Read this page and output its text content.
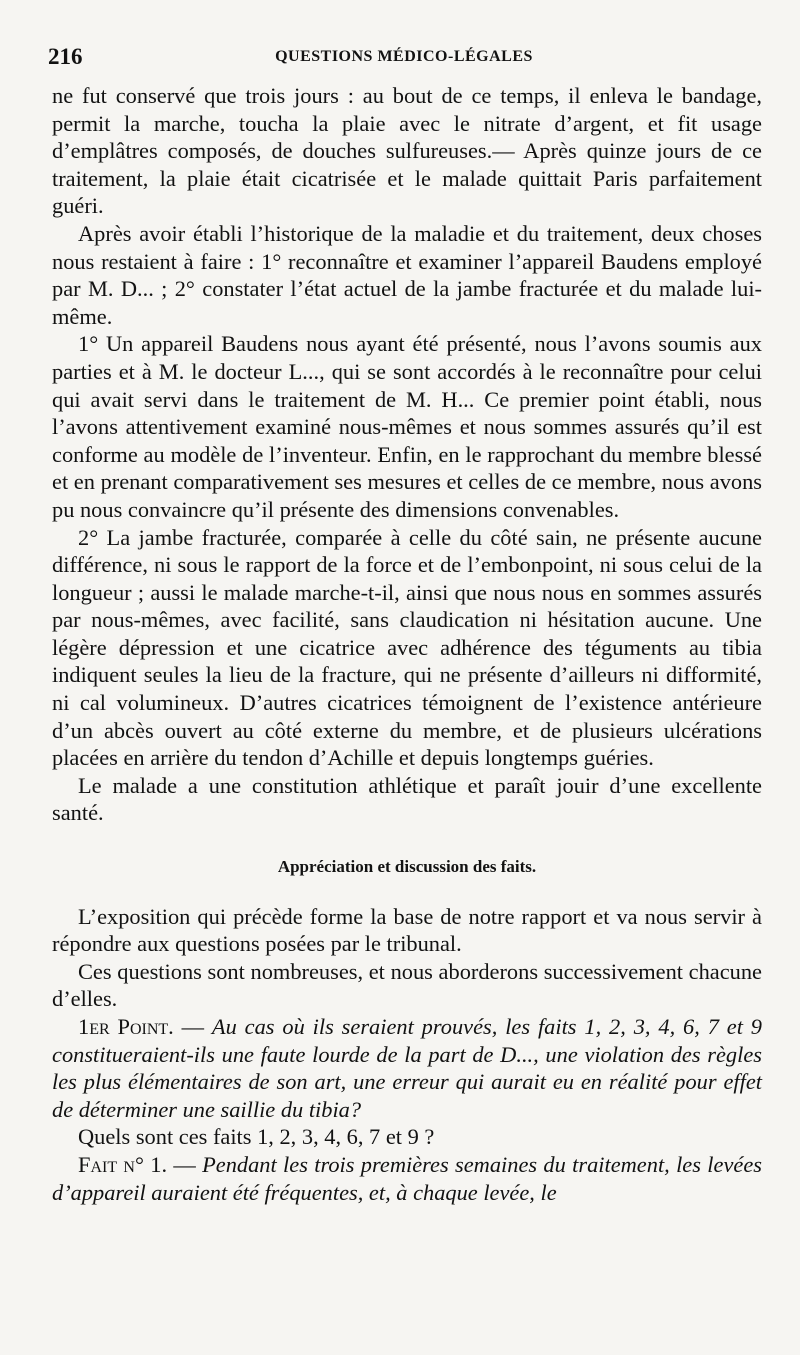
216	QUESTIONS MÉDICO-LÉGALES

ne fut conservé que trois jours : au bout de ce temps, il enleva le bandage, permit la marche, toucha la plaie avec le nitrate d’argent, et fit usage d’emplâtres composés, de douches sulfureuses.— Après quinze jours de ce traitement, la plaie était cicatrisée et le malade quittait Paris parfaitement guéri.

Après avoir établi l’historique de la maladie et du traitement, deux choses nous restaient à faire : 1° reconnaître et examiner l’appareil Baudens employé par M. D... ; 2° constater l’état actuel de la jambe fracturée et du malade lui-même.

1° Un appareil Baudens nous ayant été présenté, nous l’avons soumis aux parties et à M. le docteur L..., qui se sont accordés à le reconnaître pour celui qui avait servi dans le traitement de M. H... Ce premier point établi, nous l’avons attentivement examiné nous-mêmes et nous sommes assurés qu’il est conforme au modèle de l’inventeur. Enfin, en le rapprochant du membre blessé et en prenant comparativement ses mesures et celles de ce membre, nous avons pu nous convaincre qu’il présente des dimensions convenables.

2° La jambe fracturée, comparée à celle du côté sain, ne présente aucune différence, ni sous le rapport de la force et de l’embonpoint, ni sous celui de la longueur ; aussi le malade marche-t-il, ainsi que nous nous en sommes assurés par nous-mêmes, avec facilité, sans claudication ni hésitation aucune. Une légère dépression et une cicatrice avec adhérence des téguments au tibia indiquent seules la lieu de la fracture, qui ne présente d’ailleurs ni difformité, ni cal volumineux. D’autres cicatrices témoignent de l’existence antérieure d’un abcès ouvert au côté externe du membre, et de plusieurs ulcérations placées en arrière du tendon d’Achille et depuis longtemps guéries.

Le malade a une constitution athlétique et paraît jouir d’une excellente santé.

Appréciation et discussion des faits.

L’exposition qui précède forme la base de notre rapport et va nous servir à répondre aux questions posées par le tribunal.

Ces questions sont nombreuses, et nous aborderons successivement chacune d’elles.

1er Point. — Au cas où ils seraient prouvés, les faits 1, 2, 3, 4, 6, 7 et 9 constitueraient-ils une faute lourde de la part de D..., une violation des règles les plus élémentaires de son art, une erreur qui aurait eu en réalité pour effet de déterminer une saillie du tibia?

Quels sont ces faits 1, 2, 3, 4, 6, 7 et 9 ?

Fait n° 1. — Pendant les trois premières semaines du traitement, les levées d’appareil auraient été fréquentes, et, à chaque levée, le
